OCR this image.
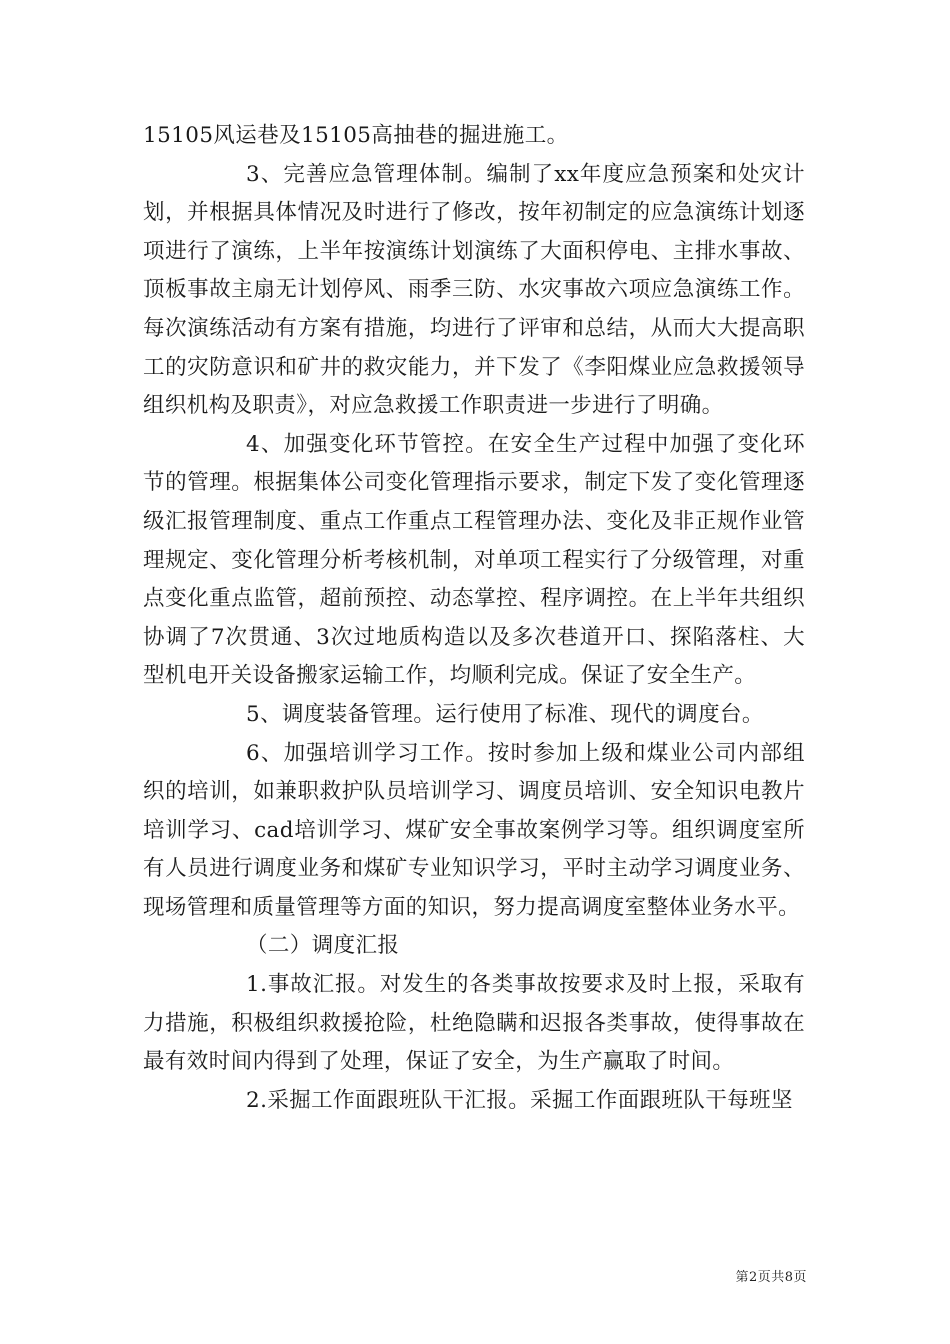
15105风运巷及15105高抽巷的掘进施工。

3、完善应急管理体制。编制了xx年度应急预案和处灾计划，并根据具体情况及时进行了修改，按年初制定的应急演练计划逐项进行了演练，上半年按演练计划演练了大面积停电、主排水事故、顶板事故主扇无计划停风、雨季三防、水灾事故六项应急演练工作。每次演练活动有方案有措施，均进行了评审和总结，从而大大提高职工的灾防意识和矿井的救灾能力，并下发了《李阳煤业应急救援领导组织机构及职责》，对应急救援工作职责进一步进行了明确。

4、加强变化环节管控。在安全生产过程中加强了变化环节的管理。根据集体公司变化管理指示要求，制定下发了变化管理逐级汇报管理制度、重点工作重点工程管理办法、变化及非正规作业管理规定、变化管理分析考核机制，对单项工程实行了分级管理，对重点变化重点监管，超前预控、动态掌控、程序调控。在上半年共组织协调了7次贯通、3次过地质构造以及多次巷道开口、探陷落柱、大型机电开关设备搬家运输工作，均顺利完成。保证了安全生产。

5、调度装备管理。运行使用了标准、现代的调度台。

6、加强培训学习工作。按时参加上级和煤业公司内部组织的培训，如兼职救护队员培训学习、调度员培训、安全知识电教片培训学习、cad培训学习、煤矿安全事故案例学习等。组织调度室所有人员进行调度业务和煤矿专业知识学习，平时主动学习调度业务、现场管理和质量管理等方面的知识，努力提高调度室整体业务水平。

（二）调度汇报

1.事故汇报。对发生的各类事故按要求及时上报，采取有力措施，积极组织救援抢险，杜绝隐瞒和迟报各类事故，使得事故在最有效时间内得到了处理，保证了安全，为生产赢取了时间。

2.采掘工作面跟班队干汇报。采掘工作面跟班队干每班坚

第2页共8页
